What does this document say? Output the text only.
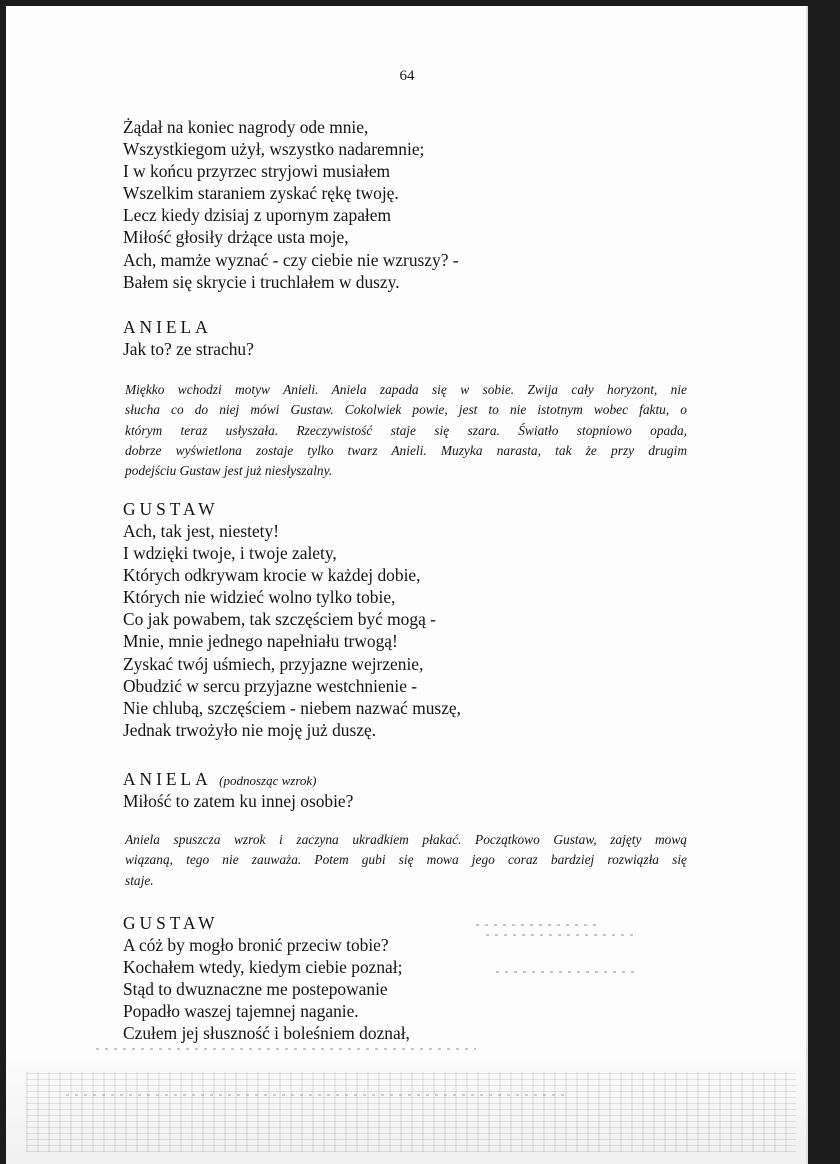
64
Żądał na koniec nagrody ode mnie,
Wszystkiegom użył, wszystko nadaremnie;
I w końcu przyrzec stryjowi musiałem
Wszelkim staraniem zyskać rękę twoję.
Lecz kiedy dzisiaj z upornym zapałem
Miłość głosiły drżące usta moje,
Ach, mamże wyznać - czy ciebie nie wzruszy? -
Bałem się skrycie i truchlałem w duszy.
ANIELA
Jak to? ze strachu?
Miękko wchodzi motyw Anieli. Aniela zapada się w sobie. Zwija cały horyzont, nie
słucha co do niej mówi Gustaw. Cokolwiek powie, jest to nie istotnym wobec faktu, o
którym teraz usłyszała. Rzeczywistość staje się szara. Światło stopniowo opada,
dobrze wyświetlona zostaje tylko twarz Anieli. Muzyka narasta, tak że przy drugim
podejściu Gustaw jest już niesłyszalny.
GUSTAW
Ach, tak jest, niestety!
I wdzięki twoje, i twoje zalety,
Których odkrywam krocie w każdej dobie,
Których nie widzieć wolno tylko tobie,
Co jak powabem, tak szczęściem być mogą -
Mnie, mnie jednego napełniału trwogą!
Zyskać twój uśmiech, przyjazne wejrzenie,
Obudzić w sercu przyjazne westchnienie -
Nie chlubą, szczęściem - niebem nazwać muszę,
Jednak trwożyło nie moję już duszę.
ANIELA (podnosząc wzrok)
Miłość to zatem ku innej osobie?
Aniela spuszcza wzrok i zaczyna ukradkiem płakać. Początkowo Gustaw, zajęty mową
wiązaną, tego nie zauważa. Potem gubi się mowa jego coraz bardziej rozwiązła się
staje.
GUSTAW
A cóż by mogło bronić przeciw tobie?
Kochałem wtedy, kiedym ciebie poznał;
Stąd to dwuznaczne me postepowanie
Popadło waszej tajemnej naganie.
Czułem jej słuszność i boleśniem doznał,
